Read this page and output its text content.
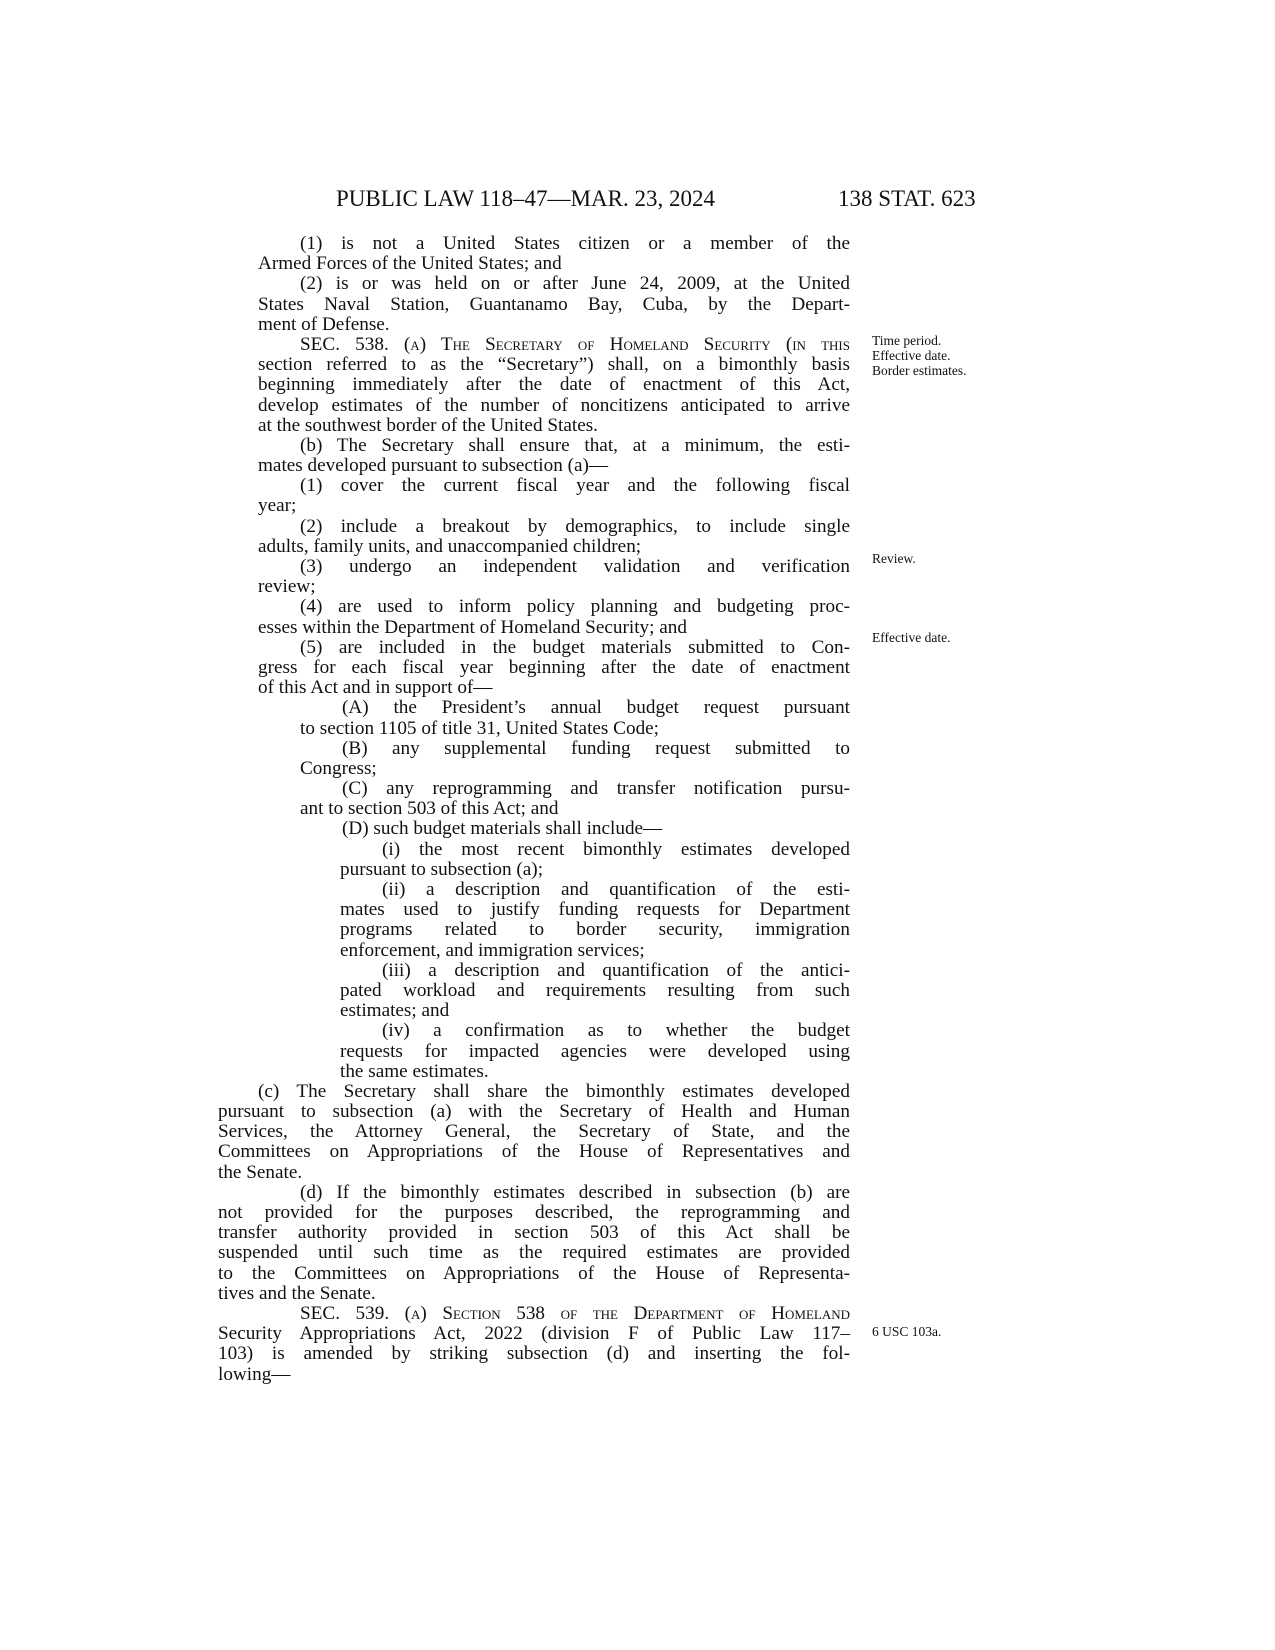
PUBLIC LAW 118–47—MAR. 23, 2024	138 STAT. 623
(1) is not a United States citizen or a member of the
Armed Forces of the United States; and
(2) is or was held on or after June 24, 2009, at the United
States Naval Station, Guantanamo Bay, Cuba, by the Depart-
ment of Defense.
SEC. 538. (a) The Secretary of Homeland Security (in this
section referred to as the “Secretary”) shall, on a bimonthly basis
beginning immediately after the date of enactment of this Act,
develop estimates of the number of noncitizens anticipated to arrive
at the southwest border of the United States.
(b) The Secretary shall ensure that, at a minimum, the esti-
mates developed pursuant to subsection (a)—
(1) cover the current fiscal year and the following fiscal
year;
(2) include a breakout by demographics, to include single
adults, family units, and unaccompanied children;
(3) undergo an independent validation and verification
review;
(4) are used to inform policy planning and budgeting proc-
esses within the Department of Homeland Security; and
(5) are included in the budget materials submitted to Con-
gress for each fiscal year beginning after the date of enactment
of this Act and in support of—
(A) the President’s annual budget request pursuant
to section 1105 of title 31, United States Code;
(B) any supplemental funding request submitted to
Congress;
(C) any reprogramming and transfer notification pursu-
ant to section 503 of this Act; and
(D) such budget materials shall include—
(i) the most recent bimonthly estimates developed
pursuant to subsection (a);
(ii) a description and quantification of the esti-
mates used to justify funding requests for Department
programs related to border security, immigration
enforcement, and immigration services;
(iii) a description and quantification of the antici-
pated workload and requirements resulting from such
estimates; and
(iv) a confirmation as to whether the budget
requests for impacted agencies were developed using
the same estimates.
(c) The Secretary shall share the bimonthly estimates developed
pursuant to subsection (a) with the Secretary of Health and Human
Services, the Attorney General, the Secretary of State, and the
Committees on Appropriations of the House of Representatives and
the Senate.
(d) If the bimonthly estimates described in subsection (b) are
not provided for the purposes described, the reprogramming and
transfer authority provided in section 503 of this Act shall be
suspended until such time as the required estimates are provided
to the Committees on Appropriations of the House of Representa-
tives and the Senate.
SEC. 539. (a) Section 538 of the Department of Homeland
Security Appropriations Act, 2022 (division F of Public Law 117–
103) is amended by striking subsection (d) and inserting the fol-
lowing—
Time period.
Effective date.
Border estimates.
Review.
Effective date.
6 USC 103a.
